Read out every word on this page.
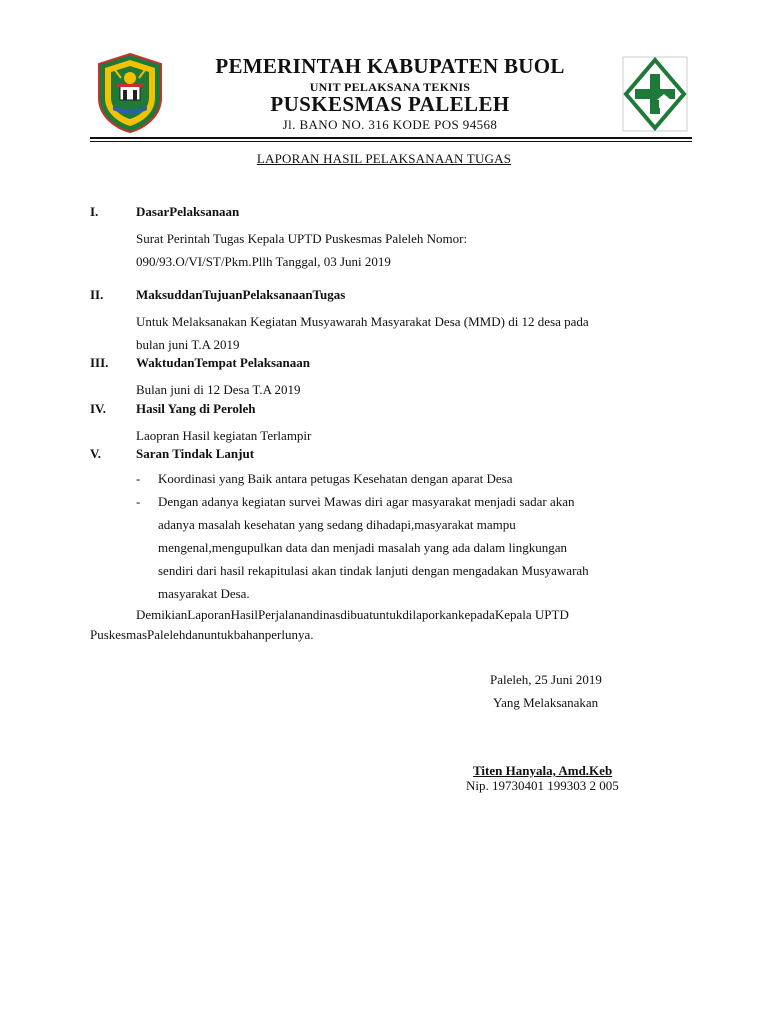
PEMERINTAH KABUPATEN BUOL
UNIT PELAKSANA TEKNIS
PUSKESMAS PALELEH
Jl. BANO NO. 316 KODE POS 94568
LAPORAN HASIL PELAKSANAAN TUGAS
I.	DasarPelaksanaan
Surat Perintah Tugas Kepala UPTD Puskesmas Paleleh Nomor:
090/93.O/VI/ST/Pkm.Pllh Tanggal, 03 Juni 2019
II.	MaksuddanTujuanPelaksanaanTugas
Untuk Melaksanakan Kegiatan Musyawarah Masyarakat Desa (MMD) di 12 desa pada
bulan juni T.A 2019
III. WaktudanTempat Pelaksanaan
Bulan juni di 12 Desa T.A 2019
IV. Hasil Yang di Peroleh
Laopran Hasil kegiatan Terlampir
V.	Saran Tindak Lanjut
- Koordinasi yang Baik antara petugas Kesehatan dengan aparat Desa
- Dengan adanya kegiatan survei Mawas diri agar masyarakat menjadi sadar akan
adanya masalah kesehatan yang sedang dihadapi,masyarakat mampu
mengenal,mengupulkan data dan menjadi masalah yang ada dalam lingkungan
sendiri dari hasil rekapitulasi akan tindak lanjuti dengan mengadakan Musyawarah
masyarakat Desa.
DemikianLaporanHasilPerjalanandinasdibuatuntukdilaporkankepadaKepala UPTD
PuskesmasPalelehdanuntukbahanperlunya.
Paleleh, 25 Juni 2019
Yang Melaksanakan
Titen Hanyala, Amd.Keb
Nip. 19730401 199303 2 005
